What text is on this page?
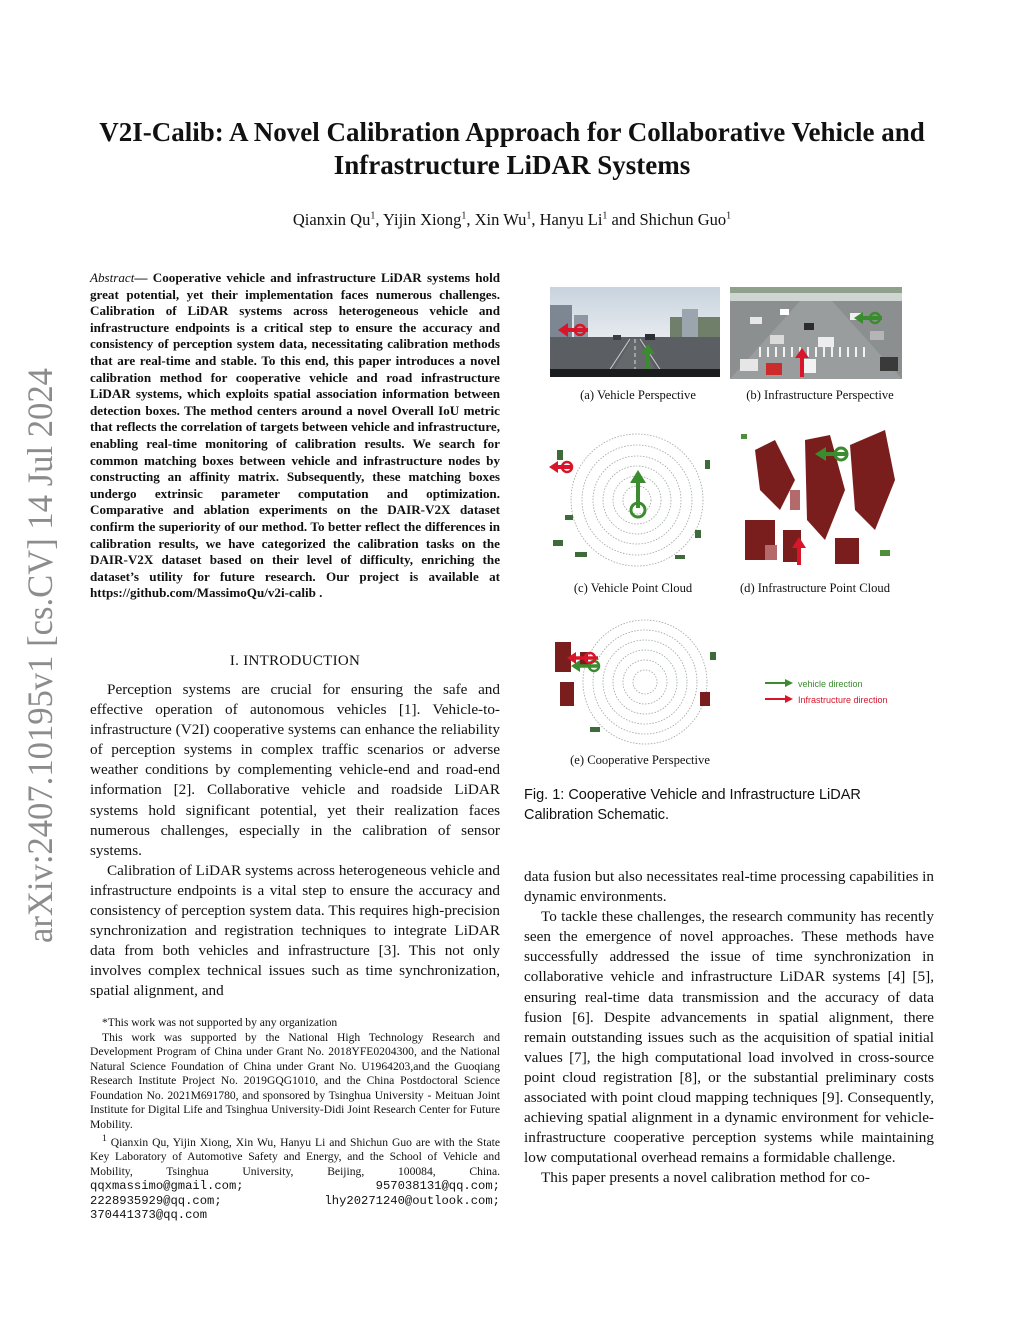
arXiv:2407.10195v1 [cs.CV] 14 Jul 2024
V2I-Calib: A Novel Calibration Approach for Collaborative Vehicle and
Infrastructure LiDAR Systems
Qianxin Qu$^1$, Yijin Xiong$^1$, Xin Wu$^1$, Hanyu Li$^1$ and Shichun Guo$^1$
Abstract— Cooperative vehicle and infrastructure LiDAR systems hold great potential, yet their implementation faces numerous challenges. Calibration of LiDAR systems across heterogeneous vehicle and infrastructure endpoints is a critical step to ensure the accuracy and consistency of perception system data, necessitating calibration methods that are real-time and stable. To this end, this paper introduces a novel calibration method for cooperative vehicle and road infrastructure LiDAR systems, which exploits spatial association information between detection boxes. The method centers around a novel Overall IoU metric that reflects the correlation of targets between vehicle and infrastructure, enabling real-time monitoring of calibration results. We search for common matching boxes between vehicle and infrastructure nodes by constructing an affinity matrix. Subsequently, these matching boxes undergo extrinsic parameter computation and optimization. Comparative and ablation experiments on the DAIR-V2X dataset confirm the superiority of our method. To better reflect the differences in calibration results, we have categorized the calibration tasks on the DAIR-V2X dataset based on their level of difficulty, enriching the dataset’s utility for future research. Our project is available at https://github.com/MassimoQu/v2i-calib .
I. INTRODUCTION

Perception systems are crucial for ensuring the safe and effective operation of autonomous vehicles [1]. Vehicle-to-infrastructure (V2I) cooperative systems can enhance the reliability of perception systems in complex traffic scenarios or adverse weather conditions by complementing vehicle-end and road-end information [2]. Collaborative vehicle and roadside LiDAR systems hold significant potential, yet their realization faces numerous challenges, especially in the calibration of sensor systems.

Calibration of LiDAR systems across heterogeneous vehicle and infrastructure endpoints is a vital step to ensure the accuracy and consistency of perception system data. This requires high-precision synchronization and registration techniques to integrate LiDAR data from both vehicles and infrastructure [3]. This not only involves complex technical issues such as time synchronization, spatial alignment, and

*This work was not supported by any organization

This work was supported by the National High Technology Research and Development Program of China under Grant No. 2018YFE0204300, and the National Natural Science Foundation of China under Grant No. U1964203,and the Guoqiang Research Institute Project No. 2019GQG1010, and the China Postdoctoral Science Foundation No. 2021M691780, and sponsored by Tsinghua University - Meituan Joint Institute for Digital Life and Tsinghua University-Didi Joint Research Center for Future Mobility.

$^1$ Qianxin Qu, Yijin Xiong, Xin Wu, Hanyu Li and Shichun Guo are with the State Key Laboratory of Automotive Safety and Energy, and the School of Vehicle and Mobility, Tsinghua University, Beijing, 100084, China. qqxmassimo@gmail.com; 957038131@qq.com; 2228935929@qq.com; lhy20271240@outlook.com; 370441373@qq.com

(a) Vehicle Perspective	(b) Infrastructure Perspective
(c) Vehicle Point Cloud	(d) Infrastructure Point Cloud
(e) Cooperative Perspective
vehicle direction
Infrastructure direction
Fig. 1: Cooperative Vehicle and Infrastructure LiDAR Calibration Schematic.

data fusion but also necessitates real-time processing capabilities in dynamic environments.

To tackle these challenges, the research community has recently seen the emergence of novel approaches. These methods have successfully addressed the issue of time synchronization in collaborative vehicle and infrastructure LiDAR systems [4] [5], ensuring real-time data transmission and the accuracy of data fusion [6]. Despite advancements in spatial alignment, there remain outstanding issues such as the acquisition of spatial initial values [7], the high computational load involved in cross-source point cloud registration [8], or the substantial preliminary costs associated with point cloud mapping techniques [9]. Consequently, achieving spatial alignment in a dynamic environment for vehicle-infrastructure cooperative perception systems while maintaining low computational overhead remains a formidable challenge.

This paper presents a novel calibration method for co-
